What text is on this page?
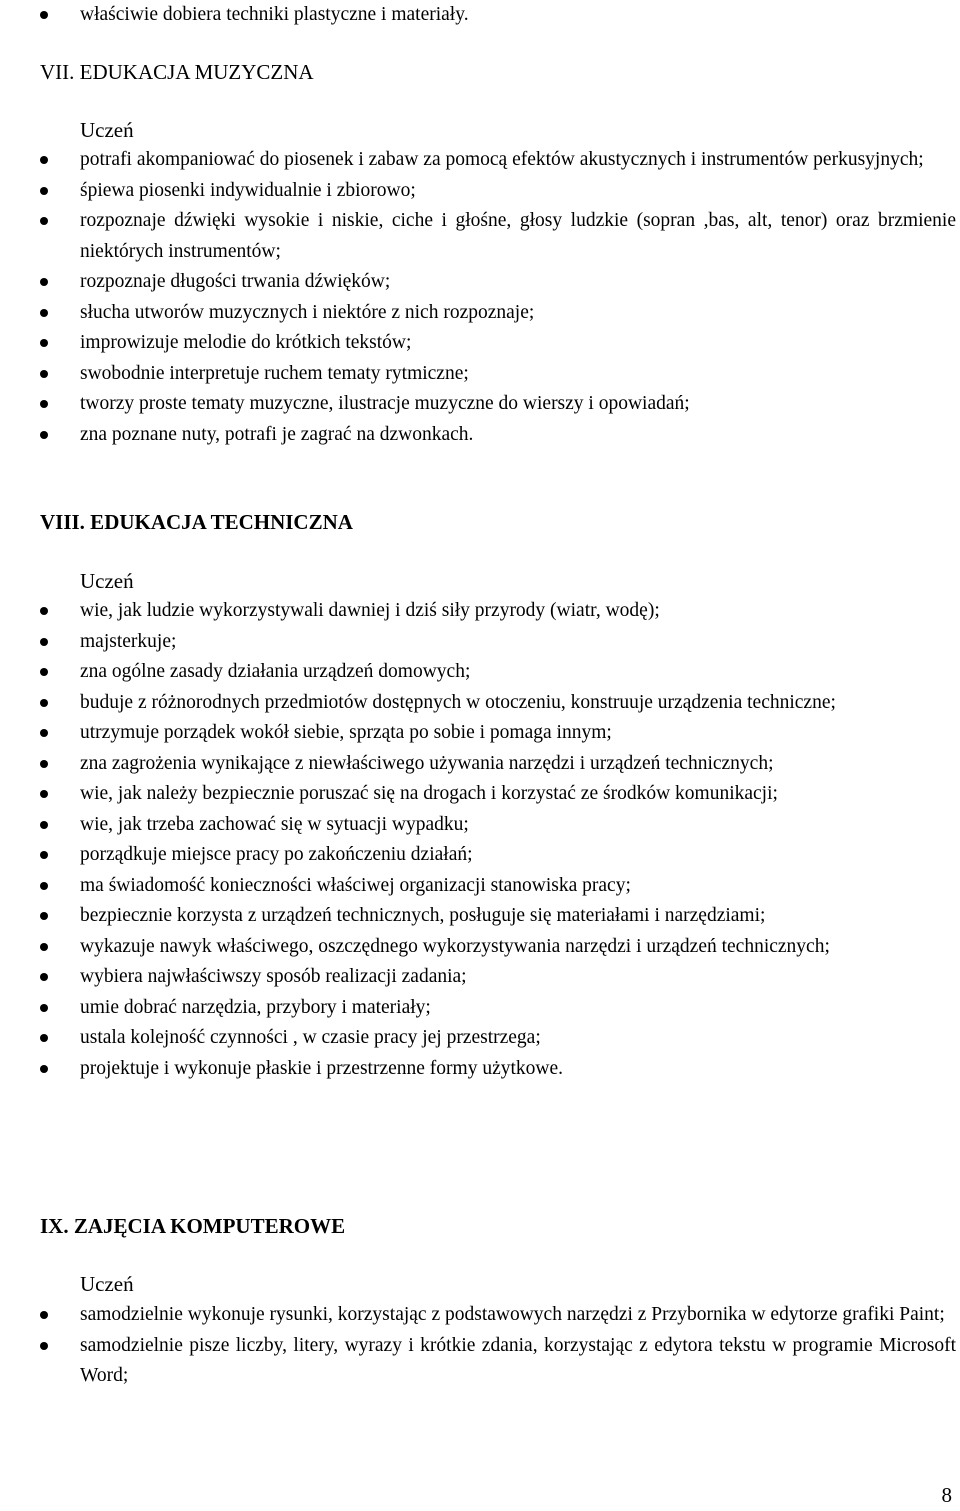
właściwie dobiera techniki plastyczne i materiały.
VII. EDUKACJA MUZYCZNA
Uczeń
potrafi akompaniować do piosenek i zabaw za pomocą efektów akustycznych i instrumentów perkusyjnych;
śpiewa piosenki indywidualnie i zbiorowo;
rozpoznaje dźwięki wysokie i niskie, ciche i głośne, głosy ludzkie (sopran ,bas, alt, tenor) oraz brzmienie niektórych instrumentów;
rozpoznaje długości trwania dźwięków;
słucha utworów muzycznych i niektóre z nich rozpoznaje;
improwizuje melodie do krótkich tekstów;
swobodnie interpretuje ruchem tematy rytmiczne;
tworzy proste tematy muzyczne, ilustracje muzyczne do wierszy i opowiadań;
zna poznane nuty, potrafi je zagrać na dzwonkach.
VIII. EDUKACJA TECHNICZNA
Uczeń
wie, jak ludzie wykorzystywali dawniej i dziś siły przyrody (wiatr, wodę);
majsterkuje;
zna ogólne zasady działania urządzeń domowych;
buduje z różnorodnych przedmiotów dostępnych w otoczeniu, konstruuje urządzenia techniczne;
utrzymuje porządek wokół siebie, sprząta po sobie i pomaga innym;
zna zagrożenia wynikające z niewłaściwego używania narzędzi i urządzeń technicznych;
wie, jak należy bezpiecznie poruszać się na drogach i korzystać ze środków komunikacji;
wie, jak trzeba zachować się w sytuacji wypadku;
porządkuje miejsce pracy po zakończeniu działań;
ma świadomość konieczności właściwej organizacji stanowiska pracy;
bezpiecznie korzysta z urządzeń technicznych, posługuje się materiałami i narzędziami;
wykazuje nawyk właściwego, oszczędnego wykorzystywania narzędzi i urządzeń technicznych;
wybiera najwłaściwszy sposób realizacji zadania;
umie dobrać narzędzia, przybory i materiały;
ustala kolejność czynności , w czasie pracy jej przestrzega;
projektuje i wykonuje płaskie i przestrzenne formy użytkowe.
IX. ZAJĘCIA KOMPUTEROWE
Uczeń
samodzielnie wykonuje rysunki, korzystając z podstawowych narzędzi z Przybornika w edytorze grafiki Paint;
samodzielnie pisze liczby, litery, wyrazy i krótkie zdania, korzystając z edytora tekstu w programie Microsoft Word;
8
